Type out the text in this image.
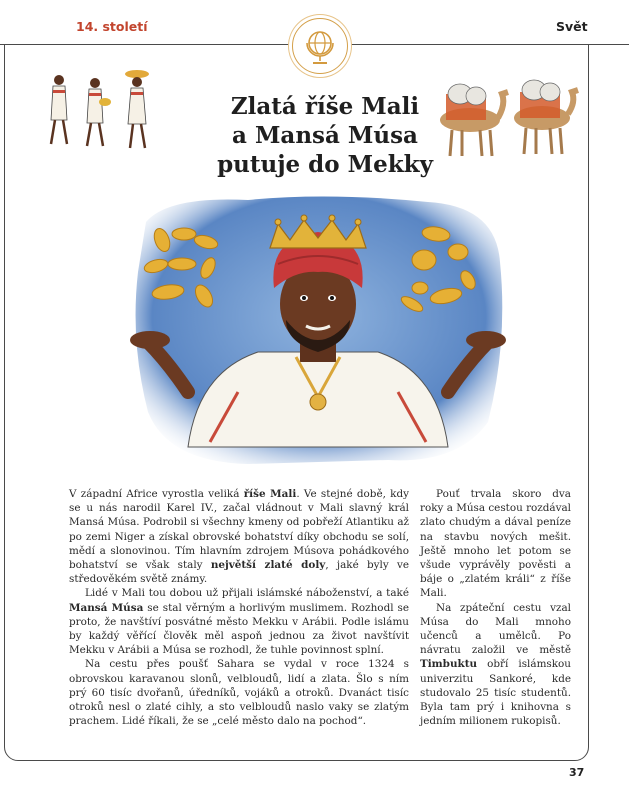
14. století	Svět
Zlatá říše Mali
a Mansá Músa
putuje do Mekky

V západní Africe vyrostla veliká říše Mali. Ve stejné době, kdy se u nás narodil Karel IV., začal vládnout v Mali slavný král Mansá Músa. Podrobil si všechny kmeny od pobřeží Atlantiku až po zemi Niger a získal obrovské bohatství díky obchodu se solí, mědí a slonovinou. Tím hlavním zdrojem Músova pohádkového bohatství se však staly největší zlaté doly, jaké byly ve středověkém světě známy.

Lidé v Mali tou dobou už přijali islámské náboženství, a také Mansá Músa se stal věrným a horlivým muslimem. Rozhodl se proto, že navštíví posvátné město Mekku v Arábii. Podle islámu by každý věřící člověk měl aspoň jednou za život navštívit Mekku v Arábii a Músa se rozhodl, že tuhle povinnost splní.

Na cestu přes poušť Sahara se vydal v roce 1324 s obrovskou karavanou slonů, velbloudů, lidí a zlata. Šlo s ním prý 60 tisíc dvořanů, úředníků, vojáků a otroků. Dvanáct tisíc otroků nesl o zlaté cihly, a sto velbloudů naslo vaky se zlatým prachem. Lidé říkali, že se „celé město dalo na pochod“.

Pouť trvala skoro dva roky a Músa cestou rozdával zlato chudým a dával peníze na stavbu nových mešit. Ještě mnoho let potom se všude vyprávěly pověsti a báje o „zlatém králi“ z říše Mali.

Na zpáteční cestu vzal Músa do Mali mnoho učenců a umělců. Po návratu založil ve městě Timbuktu obří islámskou univerzitu Sankoré, kde studovalo 25 tisíc studentů. Byla tam prý i knihovna s jedním milionem rukopisů.

37
